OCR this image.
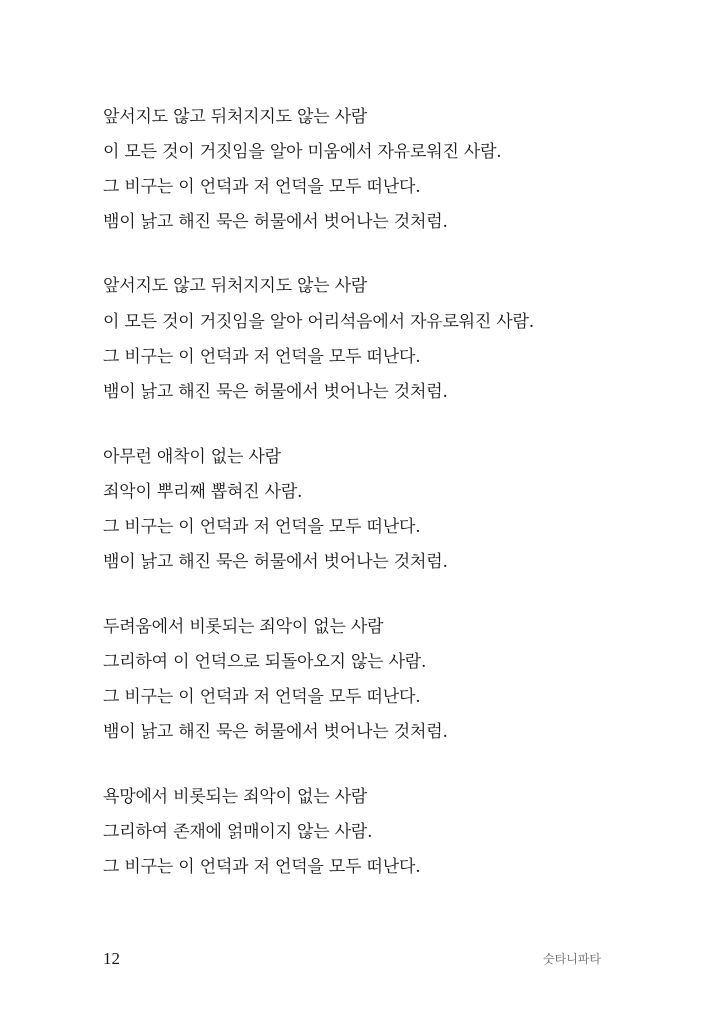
앞서지도 않고 뒤처지지도 않는 사람
이 모든 것이 거짓임을 알아 미움에서 자유로워진 사람.
그 비구는 이 언덕과 저 언덕을 모두 떠난다.
뱀이 낡고 해진 묵은 허물에서 벗어나는 것처럼.
앞서지도 않고 뒤처지지도 않는 사람
이 모든 것이 거짓임을 알아 어리석음에서 자유로워진 사람.
그 비구는 이 언덕과 저 언덕을 모두 떠난다.
뱀이 낡고 해진 묵은 허물에서 벗어나는 것처럼.
아무런 애착이 없는 사람
죄악이 뿌리째 뽑혀진 사람.
그 비구는 이 언덕과 저 언덕을 모두 떠난다.
뱀이 낡고 해진 묵은 허물에서 벗어나는 것처럼.
두려움에서 비롯되는 죄악이 없는 사람
그리하여 이 언덕으로 되돌아오지 않는 사람.
그 비구는 이 언덕과 저 언덕을 모두 떠난다.
뱀이 낡고 해진 묵은 허물에서 벗어나는 것처럼.
욕망에서 비롯되는 죄악이 없는 사람
그리하여 존재에 얽매이지 않는 사람.
그 비구는 이 언덕과 저 언덕을 모두 떠난다.
12	숫타니파타
